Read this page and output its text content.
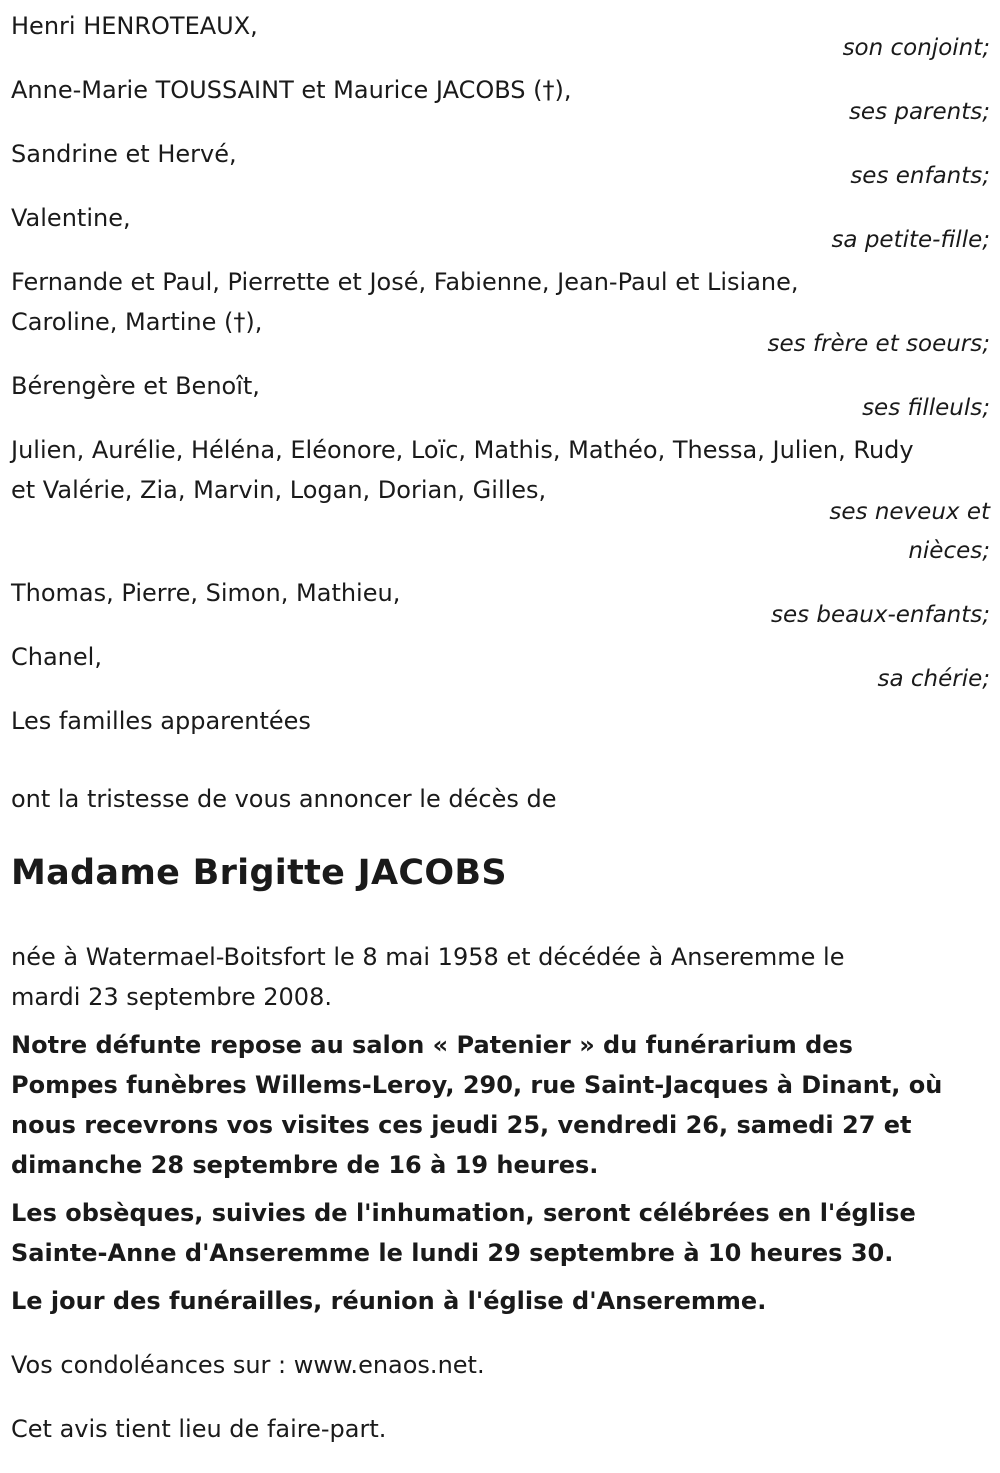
Henri HENROTEAUX,

son conjoint;

Anne-Marie TOUSSAINT et Maurice JACOBS (†),

ses parents;

Sandrine et Hervé,

ses enfants;

Valentine,

sa petite-fille;

Fernande et Paul, Pierrette et José, Fabienne, Jean-Paul et Lisiane,

Caroline, Martine (†),

ses frère et soeurs;

Bérengère et Benoît,

ses filleuls;

Julien, Aurélie, Héléna, Eléonore, Loïc, Mathis, Mathéo, Thessa, Julien, Rudy

et Valérie, Zia, Marvin, Logan, Dorian, Gilles,

ses neveux et

nièces;

Thomas, Pierre, Simon, Mathieu,

ses beaux-enfants;

Chanel,

sa chérie;

Les familles apparentées

ont la tristesse de vous annoncer le décès de

Madame Brigitte JACOBS

née à Watermael-Boitsfort le 8 mai 1958 et décédée à Anseremme le

mardi 23 septembre 2008.

Notre défunte repose au salon « Patenier » du funérarium des

Pompes funèbres Willems-Leroy, 290, rue Saint-Jacques à Dinant, où

nous recevrons vos visites ces jeudi 25, vendredi 26, samedi 27 et

dimanche 28 septembre de 16 à 19 heures.

Les obsèques, suivies de l'inhumation, seront célébrées en l'église

Sainte-Anne d'Anseremme le lundi 29 septembre à 10 heures 30.

Le jour des funérailles, réunion à l'église d'Anseremme.

Vos condoléances sur : www.enaos.net.

Cet avis tient lieu de faire-part.
